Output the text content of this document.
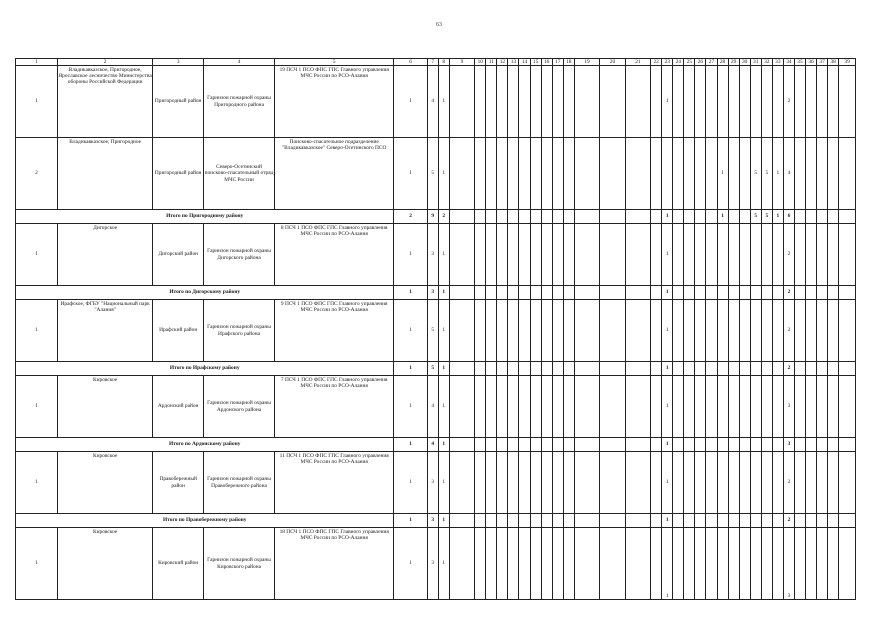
63
1	2	3	4	5	6	7	8	9	10	11	12	13	14	15	16	17	18	19	20	21	22	23	24	25	26	27	28	29	30	31	32	33	34	35	36	37	38	39
1	Владикавказское, Пригородное, Ярославское лесничество Министерства обороны Российской Федерации	Пригородный район	Гарнизон пожарной охраны Пригородного района	19 ПСЧ 1 ПСО ФПС ГПС Главного управления МЧС России по РСО-Алания	1	4	1															1											2					
2	Владикавказское, Пригородное	Пригородный район	Северо-Осетинский поисково-спасательный отряд МЧС России	Поисково-спасательное подразделение "Владикавказское" Северо-Осетинского ПСО	1	5	1																				1			5	5	1	4					
Итого по Пригородному району					2	9	2															1					1			5	5	1	6					
1	Дигорское	Дигорский район	Гарнизон пожарной охраны Дигорского района	8 ПСЧ 1 ПСО ФПС ГПС Главного управления МЧС России по РСО-Алания	1	3	1															1											2					
Итого по Дигорскому району					1	3	1															1											2					
1	Ирафское, ФГБУ "Национальный парк "Алания"	Ирафский район	Гарнизон пожарной охраны Ирафского района	9 ПСЧ 1 ПСО ФПС ГПС Главного управления МЧС России по РСО-Алания	1	5	1															1											2					
Итого по Ирафскому району					1	5	1															1											2					
1	Кировское	Ардонский район	Гарнизон пожарной охраны Ардонского района	7 ПСЧ 1 ПСО ФПС ГПС Главного управления МЧС России по РСО-Алания	1	4	1															1											3					
Итого по Ардонскому району					1	4	1															1											3					
1	Кировское	Правобережный район	Гарнизон пожарной охраны Правобережного района	11 ПСЧ 1 ПСО ФПС ГПС Главного управления МЧС России по РСО-Алания	1	3	1															1											2					
Итого по Правобережному району					1	3	1															1											2					
1	Кировское	Кировский район	Гарнизон пожарной охраны Кировского района	18 ПСЧ 1 ПСО ФПС ГПС Главного управления МЧС России по РСО-Алания	1	3	1															1											3					
